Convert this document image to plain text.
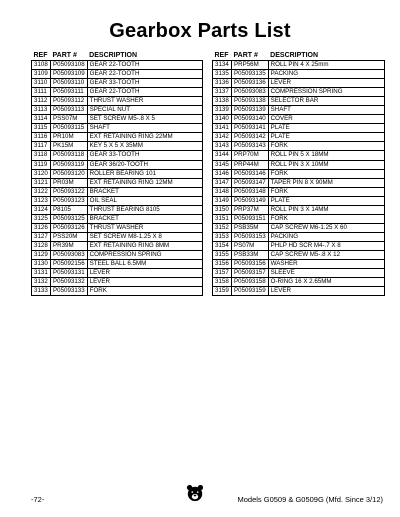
Gearbox Parts List
REF	PART #	DESCRIPTION
3108	P05093108	GEAR 22-TOOTH
3109	P05093109	GEAR 22-TOOTH
3110	P05093110	GEAR 33-TOOTH
3111	P05093111	GEAR 22-TOOTH
3112	P05093112	THRUST WASHER
3113	P05093113	SPECIAL NUT
3114	PSS07M	SET SCREW M5-.8 X 5
3115	P05093115	SHAFT
3116	PR10M	EXT RETAINING RING 22MM
3117	PK15M	KEY 5 X 5 X 35MM
3118	P05093118	GEAR 33-TOOTH
3119	P05093119	GEAR 36/20-TOOTH
3120	P05093120	ROLLER BEARING 101
3121	PR03M	EXT RETAINING RING 12MM
3122	P05093122	BRACKET
3123	P05093123	OIL SEAL
3124	P8105	THRUST BEARING 8105
3125	P05093125	BRACKET
3126	P05093126	THRUST WASHER
3127	PSS20M	SET SCREW M8-1.25 X 8
3128	PR39M	EXT RETAINING RING 8MM
3129	P05093083	COMPRESSION SPRING
3130	P05092156	STEEL BALL 6.5MM
3131	P05093131	LEVER
3132	P05093132	LEVER
3133	P05093133	FORK
REF	PART #	DESCRIPTION
3134	PRP56M	ROLL PIN 4 X 25mm
3135	P05093135	PACKING
3136	P05093136	LEVER
3137	P05093083	COMPRESSION SPRING
3138	P05093138	SELECTOR BAR
3139	P05093139	SHAFT
3140	P05093140	COVER
3141	P05093141	PLATE
3142	P05093142	PLATE
3143	P05093143	FORK
3144	PRP70M	ROLL PIN 5 X 18MM
3145	PRP44M	ROLL PIN 3 X 10MM
3146	P05093146	FORK
3147	P05093147	TAPER PIN 8 X 90MM
3148	P05093148	FORK
3149	P05093149	PLATE
3150	PRP37M	ROLL PIN 3 X 14MM
3151	P05093151	FORK
3152	PSB35M	CAP SCREW M6-1.25 X 60
3153	P05093153	PACKING
3154	PS07M	PHLP HD SCR M4-.7 X 8
3155	PSB33M	CAP SCREW M5-.8 X 12
3156	P05093156	WASHER
3157	P05093157	SLEEVE
3158	P05093158	O-RING 16 X 2.65MM
3159	P05093159	LEVER
-72-	Models G0509 & G0509G (Mfd. Since 3/12)
